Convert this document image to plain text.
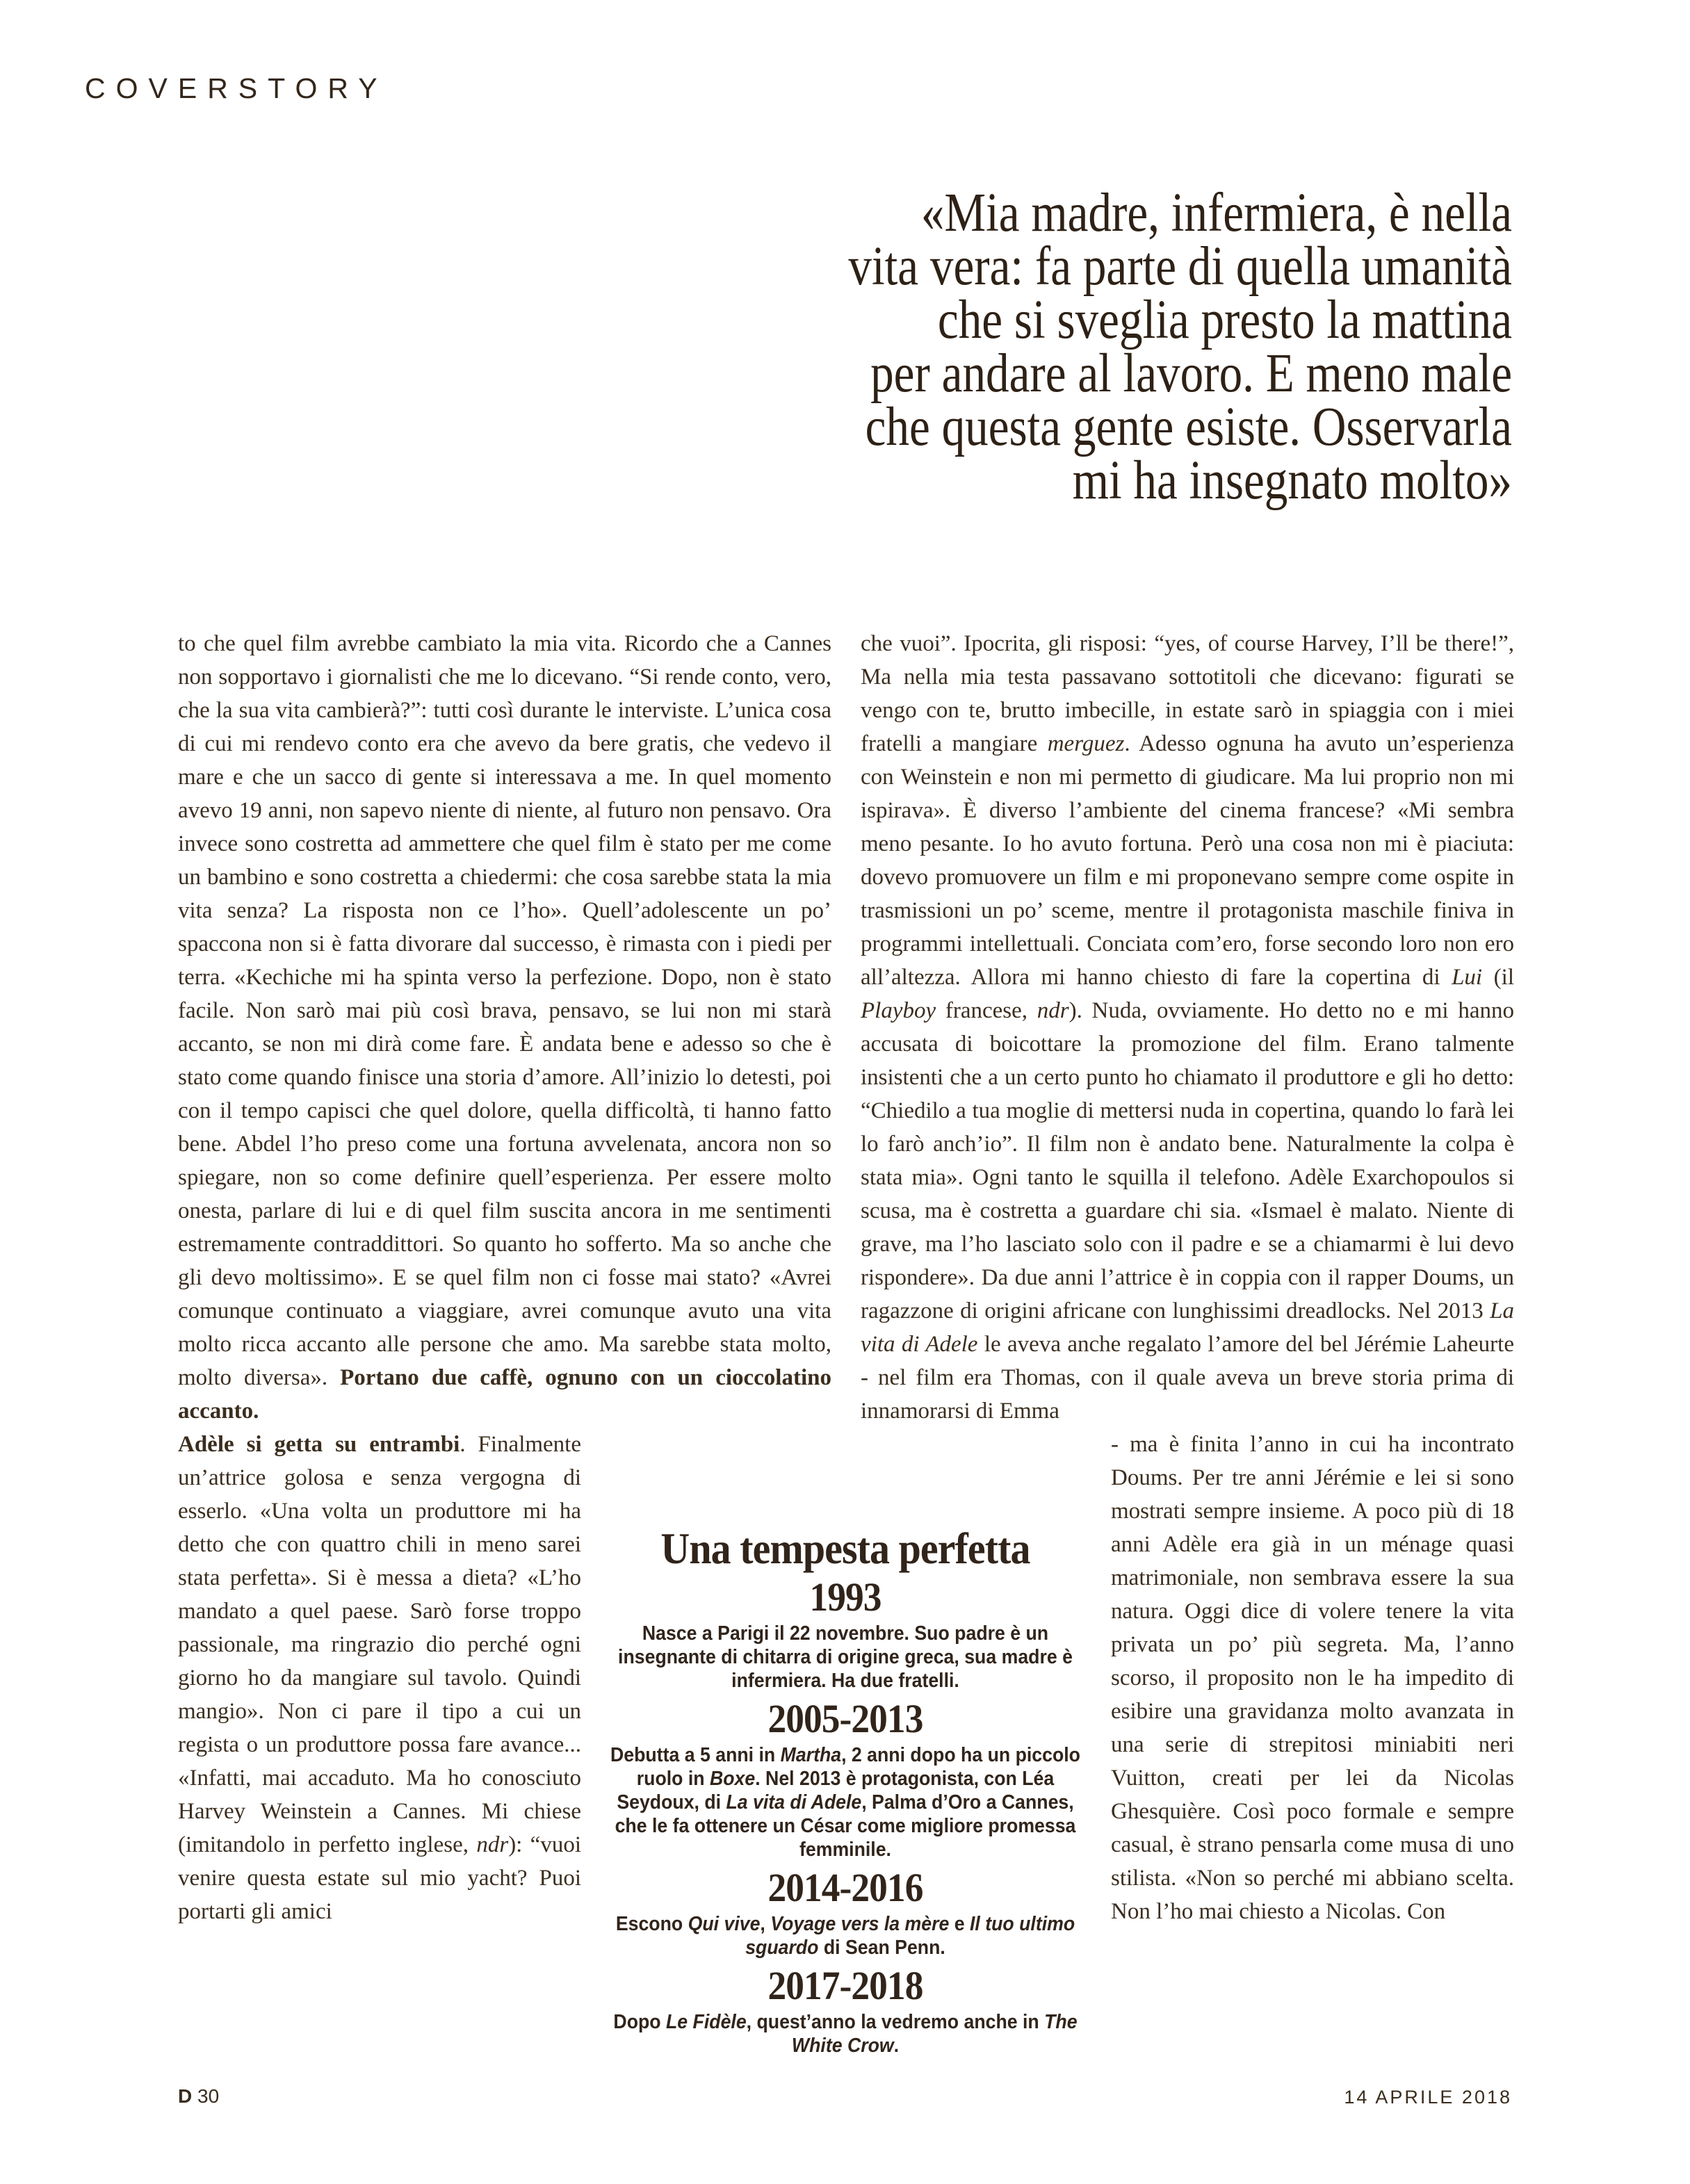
COVERSTORY
«Mia madre, infermiera, è nella
vita vera: fa parte di quella umanità
che si sveglia presto la mattina
per andare al lavoro. E meno male
che questa gente esiste. Osservarla
mi ha insegnato molto»
to che quel film avrebbe cambiato la mia vita. Ricordo che a Cannes non sopportavo i giornalisti che me lo dicevano. “Si rende conto, vero, che la sua vita cambierà?”: tutti così durante le interviste. L’unica cosa di cui mi rendevo conto era che avevo da bere gratis, che vedevo il mare e che un sacco di gente si interessava a me. In quel momento avevo 19 anni, non sapevo niente di niente, al futuro non pensavo. Ora invece sono costretta ad ammettere che quel film è stato per me come un bambino e sono costretta a chiedermi: che cosa sarebbe stata la mia vita senza? La risposta non ce l’ho». Quell’adolescente un po’ spaccona non si è fatta divorare dal successo, è rimasta con i piedi per terra. «Kechiche mi ha spinta verso la perfezione. Dopo, non è stato facile. Non sarò mai più così brava, pensavo, se lui non mi starà accanto, se non mi dirà come fare. È andata bene e adesso so che è stato come quando finisce una storia d’amore. All’inizio lo detesti, poi con il tempo capisci che quel dolore, quella difficoltà, ti hanno fatto bene. Abdel l’ho preso come una fortuna avvelenata, ancora non so spiegare, non so come definire quell’esperienza. Per essere molto onesta, parlare di lui e di quel film suscita ancora in me sentimenti estremamente contraddittori. So quanto ho sofferto. Ma so anche che gli devo moltissimo». E se quel film non ci fosse mai stato? «Avrei comunque continuato a viaggiare, avrei comunque avuto una vita molto ricca accanto alle persone che amo. Ma sarebbe stata molto, molto diversa». Portano due caffè, ognuno con un cioccolatino accanto.
Adèle si getta su entrambi. Finalmente un’attrice golosa e senza vergogna di esserlo. «Una volta un produttore mi ha detto che con quattro chili in meno sarei stata perfetta». Si è messa a dieta? «L’ho mandato a quel paese. Sarò forse troppo passionale, ma ringrazio dio perché ogni giorno ho da mangiare sul tavolo. Quindi mangio». Non ci pare il tipo a cui un regista o un produttore possa fare avance... «Infatti, mai accaduto. Ma ho conosciuto Harvey Weinstein a Cannes. Mi chiese (imitandolo in perfetto inglese, ndr): “vuoi venire questa estate sul mio yacht? Puoi portarti gli amici
che vuoi”. Ipocrita, gli risposi: “yes, of course Harvey, I’ll be there!”, Ma nella mia testa passavano sottotitoli che dicevano: figurati se vengo con te, brutto imbecille, in estate sarò in spiaggia con i miei fratelli a mangiare merguez. Adesso ognuna ha avuto un’esperienza con Weinstein e non mi permetto di giudicare. Ma lui proprio non mi ispirava». È diverso l’ambiente del cinema francese? «Mi sembra meno pesante. Io ho avuto fortuna. Però una cosa non mi è piaciuta: dovevo promuovere un film e mi proponevano sempre come ospite in trasmissioni un po’ sceme, mentre il protagonista maschile finiva in programmi intellettuali. Conciata com’ero, forse secondo loro non ero all’altezza. Allora mi hanno chiesto di fare la copertina di Lui (il Playboy francese, ndr). Nuda, ovviamente. Ho detto no e mi hanno accusata di boicottare la promozione del film. Erano talmente insistenti che a un certo punto ho chiamato il produttore e gli ho detto: “Chiedilo a tua moglie di mettersi nuda in copertina, quando lo farà lei lo farò anch’io”. Il film non è andato bene. Naturalmente la colpa è stata mia». Ogni tanto le squilla il telefono. Adèle Exarchopoulos si scusa, ma è costretta a guardare chi sia. «Ismael è malato. Niente di grave, ma l’ho lasciato solo con il padre e se a chiamarmi è lui devo rispondere». Da due anni l’attrice è in coppia con il rapper Doums, un ragazzone di origini africane con lunghissimi dreadlocks. Nel 2013 La vita di Adele le aveva anche regalato l’amore del bel Jérémie Laheurte - nel film era Thomas, con il quale aveva un breve storia prima di innamorarsi di Emma
- ma è finita l’anno in cui ha incontrato Doums. Per tre anni Jérémie e lei si sono mostrati sempre insieme. A poco più di 18 anni Adèle era già in un ménage quasi matrimoniale, non sembrava essere la sua natura. Oggi dice di volere tenere la vita privata un po’ più segreta. Ma, l’anno scorso, il proposito non le ha impedito di esibire una gravidanza molto avanzata in una serie di strepitosi miniabiti neri Vuitton, creati per lei da Nicolas Ghesquière. Così poco formale e sempre casual, è strano pensarla come musa di uno stilista. «Non so perché mi abbiano scelta. Non l’ho mai chiesto a Nicolas. Con
Una tempesta perfetta
1993
Nasce a Parigi il 22 novembre. Suo padre è un insegnante di chitarra di origine greca, sua madre è infermiera. Ha due fratelli.
2005-2013
Debutta a 5 anni in Martha, 2 anni dopo ha un piccolo ruolo in Boxe. Nel 2013 è protagonista, con Léa Seydoux, di La vita di Adele, Palma d’Oro a Cannes, che le fa ottenere un César come migliore promessa femminile.
2014-2016
Escono Qui vive, Voyage vers la mère e Il tuo ultimo sguardo di Sean Penn.
2017-2018
Dopo Le Fidèle, quest’anno la vedremo anche in The White Crow.
D 30	14 APRILE 2018
